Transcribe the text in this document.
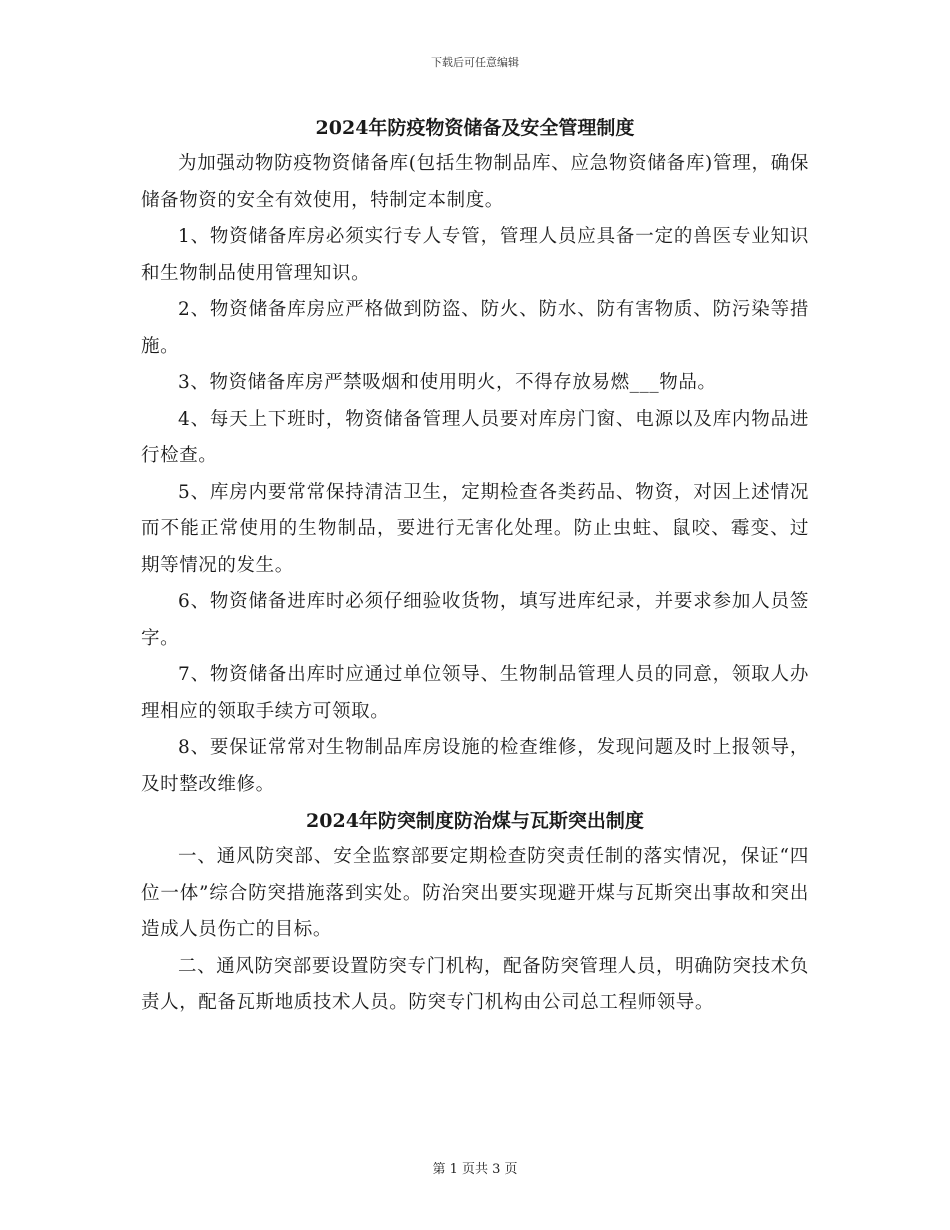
下载后可任意编辑
2024年防疫物资储备及安全管理制度

为加强动物防疫物资储备库(包括生物制品库、应急物资储备库)管理，确保储备物资的安全有效使用，特制定本制度。

1、物资储备库房必须实行专人专管，管理人员应具备一定的兽医专业知识和生物制品使用管理知识。

2、物资储备库房应严格做到防盗、防火、防水、防有害物质、防污染等措施。

3、物资储备库房严禁吸烟和使用明火，不得存放易燃___物品。

4、每天上下班时，物资储备管理人员要对库房门窗、电源以及库内物品进行检查。

5、库房内要常常保持清洁卫生，定期检查各类药品、物资，对因上述情况而不能正常使用的生物制品，要进行无害化处理。防止虫蛀、鼠咬、霉变、过期等情况的发生。

6、物资储备进库时必须仔细验收货物，填写进库纪录，并要求参加人员签字。

7、物资储备出库时应通过单位领导、生物制品管理人员的同意，领取人办理相应的领取手续方可领取。

8、要保证常常对生物制品库房设施的检查维修，发现问题及时上报领导，及时整改维修。

2024年防突制度防治煤与瓦斯突出制度

一、通风防突部、安全监察部要定期检查防突责任制的落实情况，保证“四位一体”综合防突措施落到实处。防治突出要实现避开煤与瓦斯突出事故和突出造成人员伤亡的目标。

二、通风防突部要设置防突专门机构，配备防突管理人员，明确防突技术负责人，配备瓦斯地质技术人员。防突专门机构由公司总工程师领导。

第 1 页共 3 页
